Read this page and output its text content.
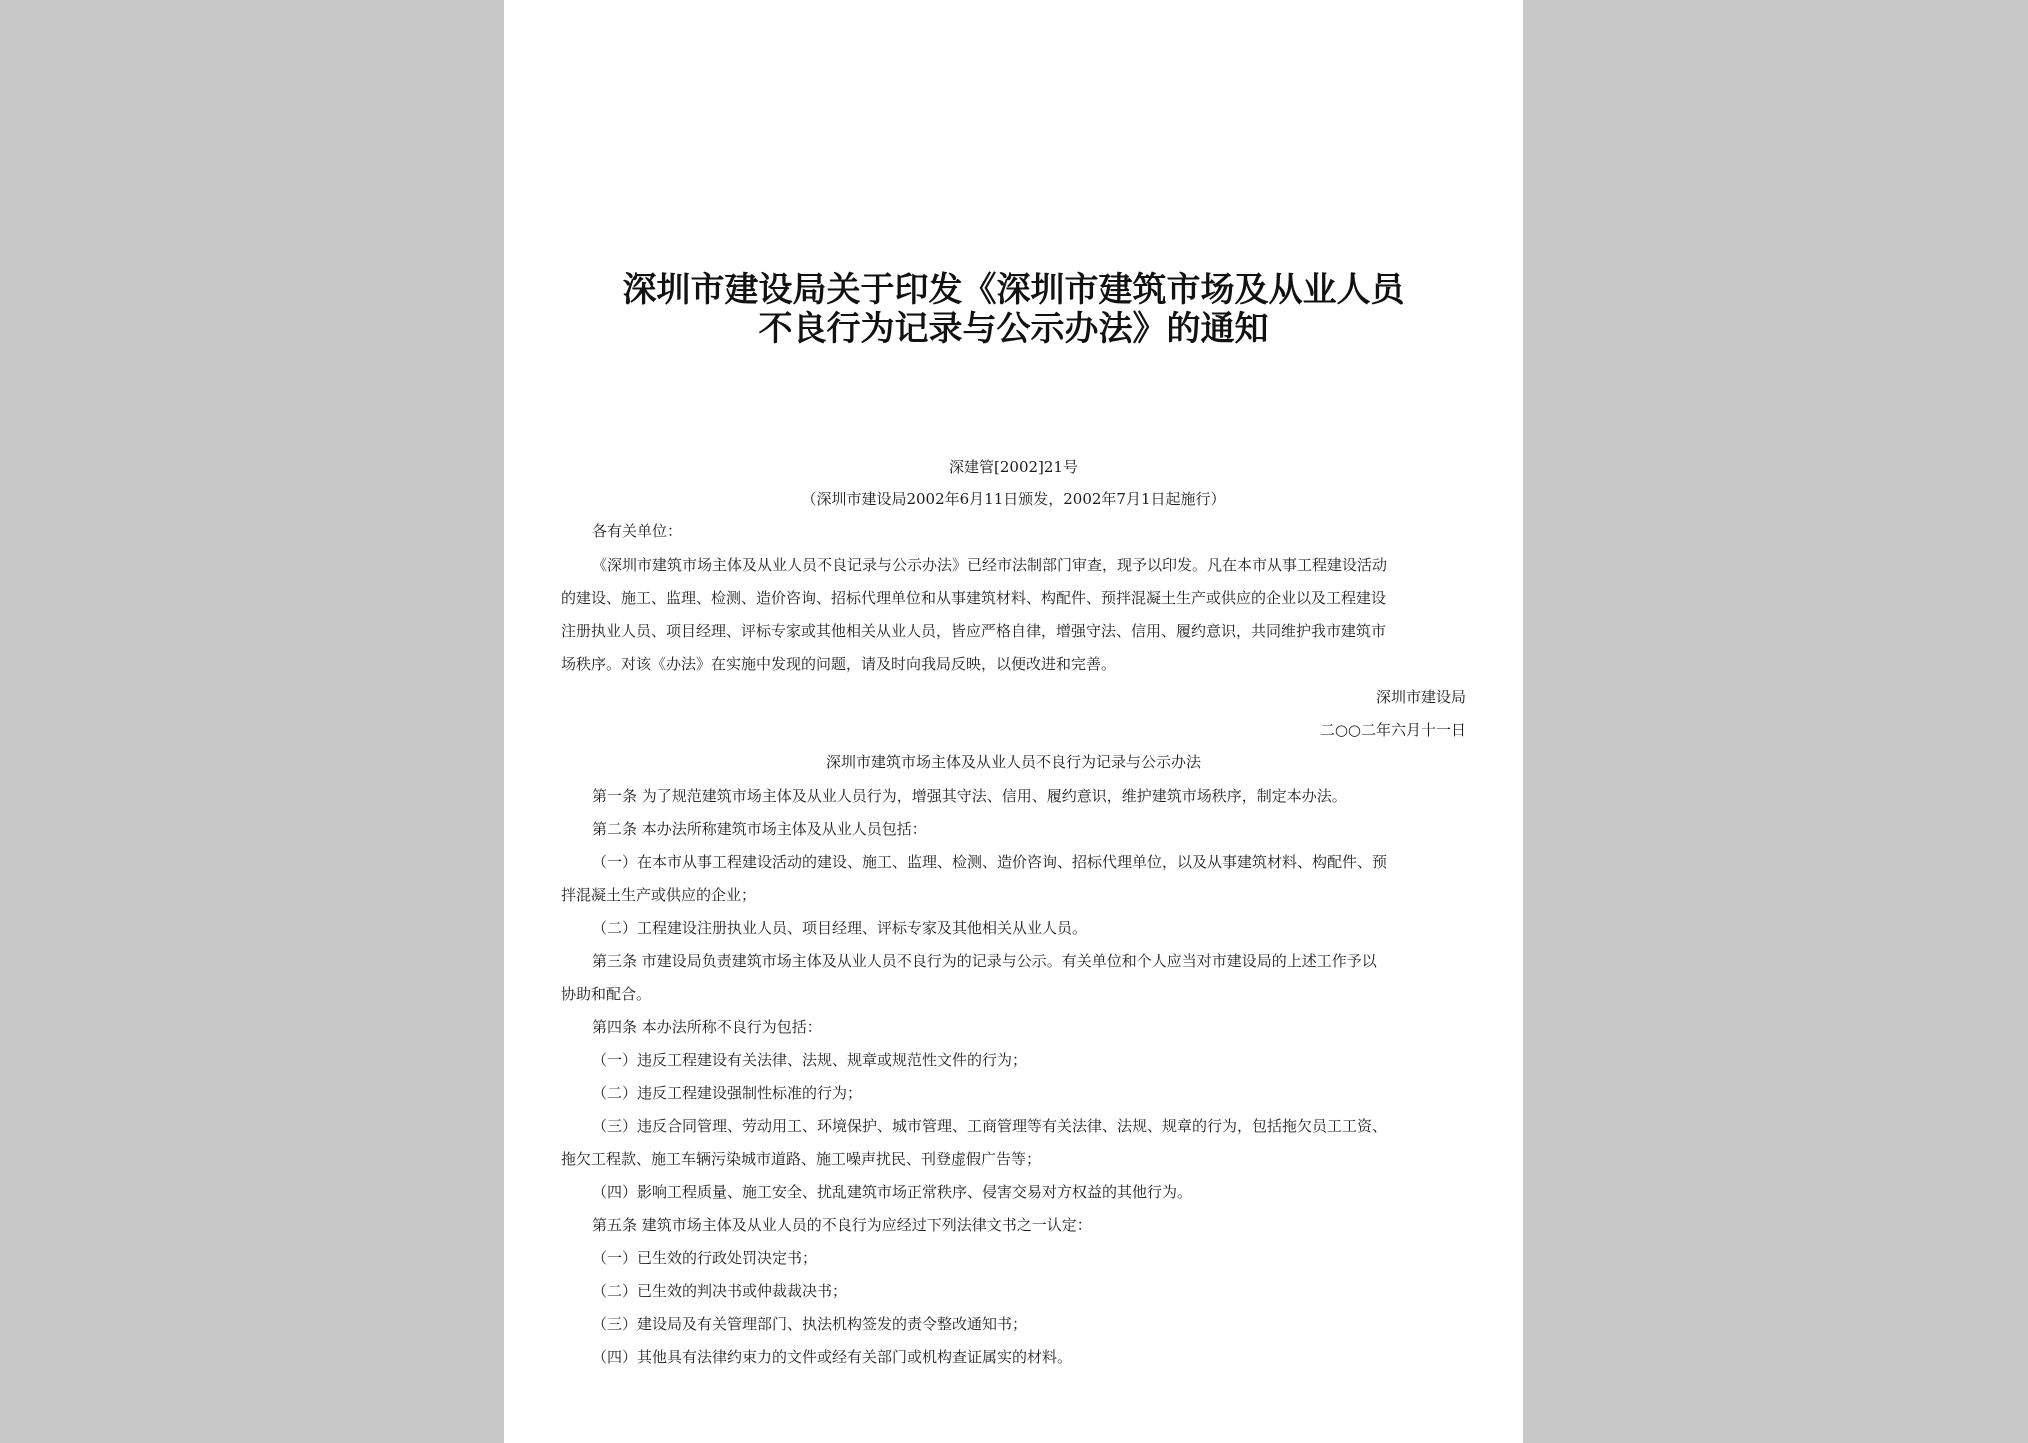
深圳市建设局关于印发《深圳市建筑市场及从业人员
不良行为记录与公示办法》的通知
深建管[2002]21号
（深圳市建设局2002年6月11日颁发，2002年7月1日起施行）
各有关单位：
《深圳市建筑市场主体及从业人员不良记录与公示办法》已经市法制部门审查，现予以印发。凡在本市从事工程建设活动
的建设、施工、监理、检测、造价咨询、招标代理单位和从事建筑材料、构配件、预拌混凝土生产或供应的企业以及工程建设
注册执业人员、项目经理、评标专家或其他相关从业人员，皆应严格自律，增强守法、信用、履约意识，共同维护我市建筑市
场秩序。对该《办法》在实施中发现的问题，请及时向我局反映，以便改进和完善。
深圳市建设局
二○○二年六月十一日
深圳市建筑市场主体及从业人员不良行为记录与公示办法
第一条 为了规范建筑市场主体及从业人员行为，增强其守法、信用、履约意识，维护建筑市场秩序，制定本办法。
第二条 本办法所称建筑市场主体及从业人员包括：
（一）在本市从事工程建设活动的建设、施工、监理、检测、造价咨询、招标代理单位，以及从事建筑材料、构配件、预
拌混凝土生产或供应的企业；
（二）工程建设注册执业人员、项目经理、评标专家及其他相关从业人员。
第三条 市建设局负责建筑市场主体及从业人员不良行为的记录与公示。有关单位和个人应当对市建设局的上述工作予以
协助和配合。
第四条 本办法所称不良行为包括：
（一）违反工程建设有关法律、法规、规章或规范性文件的行为；
（二）违反工程建设强制性标准的行为；
（三）违反合同管理、劳动用工、环境保护、城市管理、工商管理等有关法律、法规、规章的行为，包括拖欠员工工资、
拖欠工程款、施工车辆污染城市道路、施工噪声扰民、刊登虚假广告等；
（四）影响工程质量、施工安全、扰乱建筑市场正常秩序、侵害交易对方权益的其他行为。
第五条 建筑市场主体及从业人员的不良行为应经过下列法律文书之一认定：
（一）已生效的行政处罚决定书；
（二）已生效的判决书或仲裁裁决书；
（三）建设局及有关管理部门、执法机构签发的责令整改通知书；
（四）其他具有法律约束力的文件或经有关部门或机构查证属实的材料。
